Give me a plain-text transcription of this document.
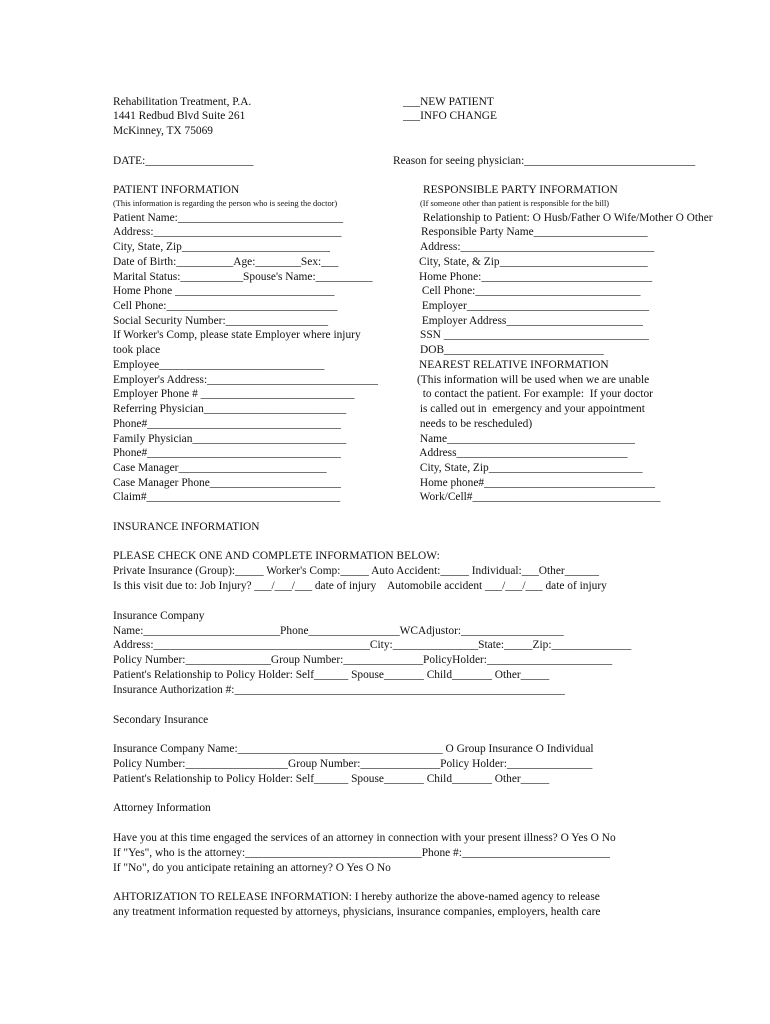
Rehabilitation Treatment, P.A.
1441 Redbud Blvd Suite 261
McKinney, TX 75069
___NEW PATIENT
___INFO CHANGE
DATE:___________________	Reason for seeing physician:______________________________
PATIENT INFORMATION
(This information is regarding the person who is seeing the doctor)
Patient Name:_____________________________
Address:_________________________________
City, State, Zip__________________________
Date of Birth:__________Age:________Sex:___
Marital Status:___________Spouse's Name:__________
Home Phone ____________________________
Cell Phone:______________________________
Social Security Number:__________________
If Worker's Comp, please state Employer where injury
took place
Employee_____________________________
Employer's Address:______________________________
Employer Phone # ___________________________
Referring Physician_________________________
Phone#__________________________________
Family Physician___________________________
Phone#__________________________________
Case Manager__________________________
Case Manager Phone_______________________
Claim#__________________________________
RESPONSIBLE PARTY INFORMATION
(If someone other than patient is responsible for the bill)
Relationship to Patient: O Husb/Father O Wife/Mother O Other
Responsible Party Name____________________
Address:__________________________________
City, State, & Zip__________________________
Home Phone:______________________________
Cell Phone:_____________________________
Employer________________________________
Employer Address________________________
SSN ____________________________________
DOB____________________________
NEAREST RELATIVE INFORMATION
(This information will be used when we are unable
to contact the patient. For example:  If your doctor
is called out in  emergency and your appointment
needs to be rescheduled)
Name_________________________________
Address______________________________
City, State, Zip___________________________
Home phone#______________________________
Work/Cell#_________________________________
INSURANCE INFORMATION
PLEASE CHECK ONE AND COMPLETE INFORMATION BELOW:
Private Insurance (Group):_____ Worker's Comp:_____ Auto Accident:_____ Individual:___Other______
Is this visit due to: Job Injury? ___/___/___ date of injury    Automobile accident ___/___/___ date of injury
Insurance Company
Name:________________________Phone________________WCAdjustor:__________________
Address:______________________________________City:_______________State:_____Zip:______________
Policy Number:_______________Group Number:______________PolicyHolder:______________________
Patient's Relationship to Policy Holder: Self______ Spouse_______ Child_______ Other_____
Insurance Authorization #:__________________________________________________________
Secondary Insurance
Insurance Company Name:____________________________________ O Group Insurance O Individual
Policy Number:__________________Group Number:______________Policy Holder:_______________
Patient's Relationship to Policy Holder: Self______ Spouse_______ Child_______ Other_____
Attorney Information
Have you at this time engaged the services of an attorney in connection with your present illness? O Yes O No
If "Yes", who is the attorney:_______________________________Phone #:__________________________
If "No", do you anticipate retaining an attorney? O Yes O No
AHTORIZATION TO RELEASE INFORMATION: I hereby authorize the above-named agency to release
any treatment information requested by attorneys, physicians, insurance companies, employers, health care
